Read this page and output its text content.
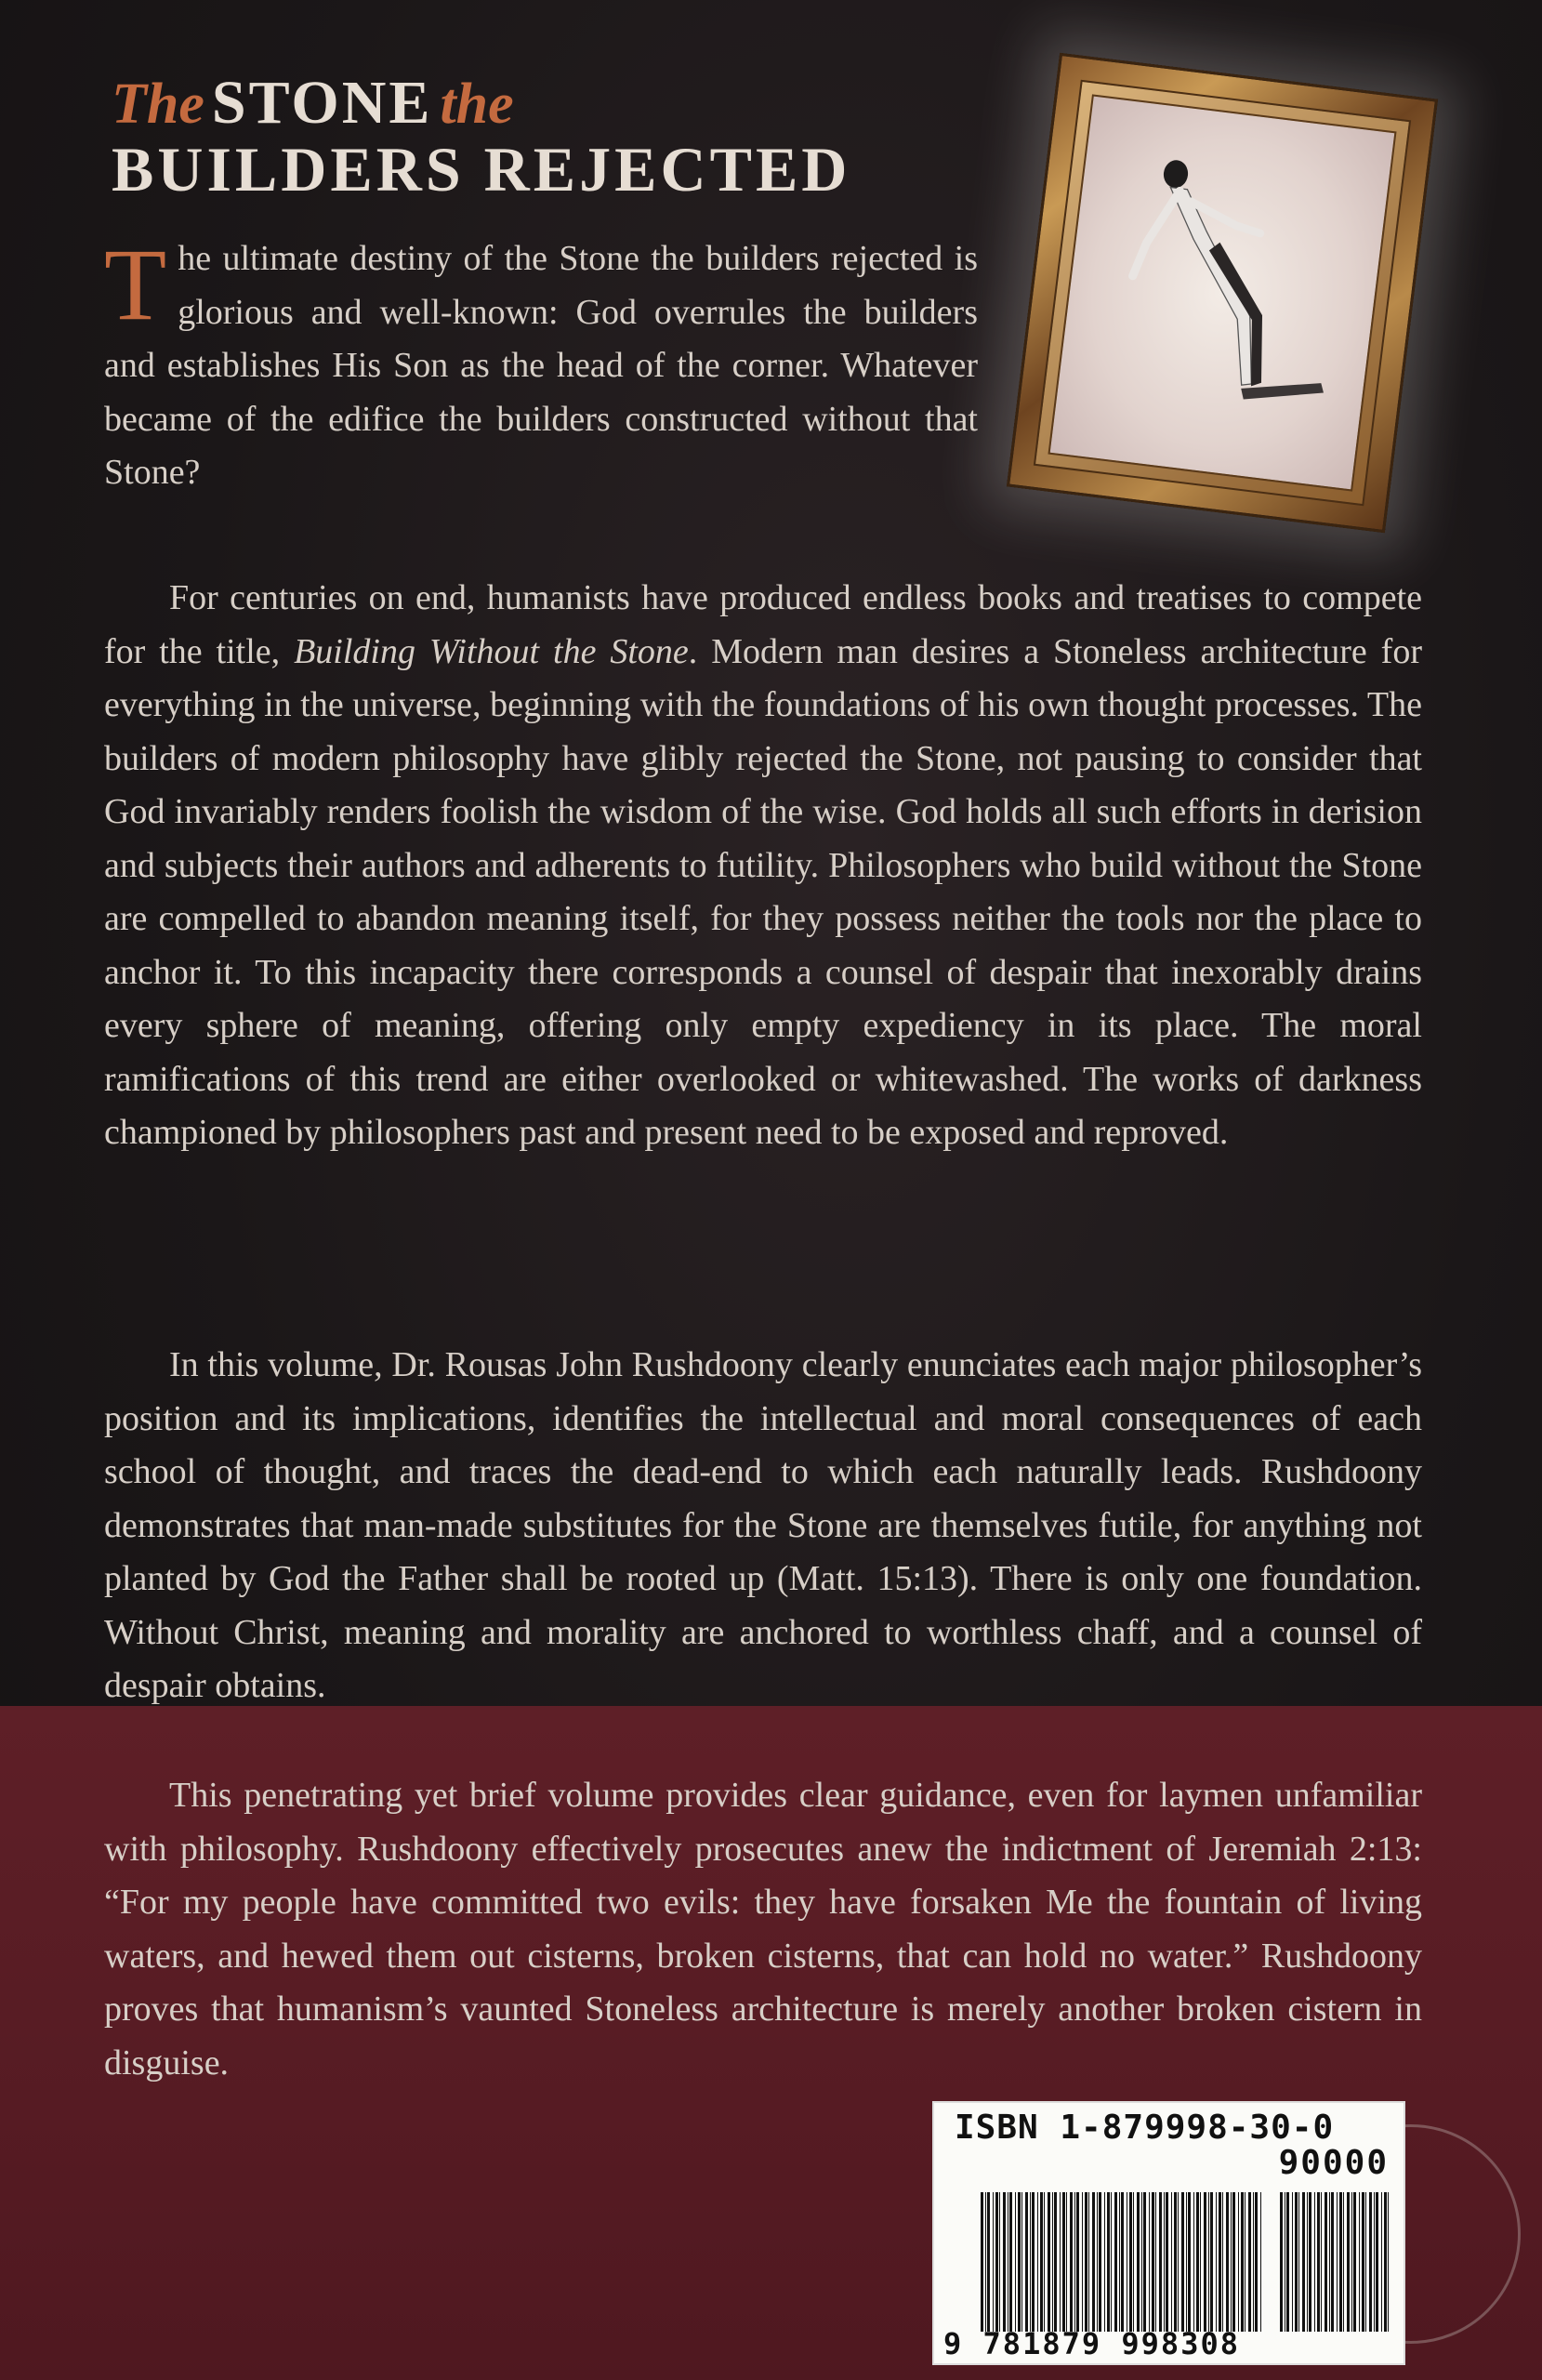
The STONE the
BUILDERS REJECTED

The ultimate destiny of the Stone the builders rejected is glorious and well-known: God overrules the builders and establishes His Son as the head of the corner. Whatever became of the edifice the builders constructed without that Stone?

For centuries on end, humanists have produced endless books and treatises to compete for the title, Building Without the Stone. Modern man desires a Stoneless architecture for everything in the universe, beginning with the foundations of his own thought processes. The builders of modern philosophy have glibly rejected the Stone, not pausing to consider that God invariably renders foolish the wisdom of the wise. God holds all such efforts in derision and subjects their authors and adherents to futility. Philosophers who build without the Stone are compelled to abandon meaning itself, for they possess neither the tools nor the place to anchor it. To this incapacity there corresponds a counsel of despair that inexorably drains every sphere of meaning, offering only empty expediency in its place. The moral ramifications of this trend are either overlooked or whitewashed. The works of darkness championed by philosophers past and present need to be exposed and reproved.

In this volume, Dr. Rousas John Rushdoony clearly enunciates each major philosopher’s position and its implications, identifies the intellectual and moral consequences of each school of thought, and traces the dead-end to which each naturally leads. Rushdoony demonstrates that man-made substitutes for the Stone are themselves futile, for anything not planted by God the Father shall be rooted up (Matt. 15:13). There is only one foundation. Without Christ, meaning and morality are anchored to worthless chaff, and a counsel of despair obtains.

This penetrating yet brief volume provides clear guidance, even for laymen unfamiliar with philosophy. Rushdoony effectively prosecutes anew the indictment of Jeremiah 2:13: “For my people have committed two evils: they have forsaken Me the fountain of living waters, and hewed them out cisterns, broken cisterns, that can hold no water.” Rushdoony proves that humanism’s vaunted Stoneless architecture is merely another broken cistern in disguise.

ISBN 1-879998-30-0
90000
9 781879 998308
